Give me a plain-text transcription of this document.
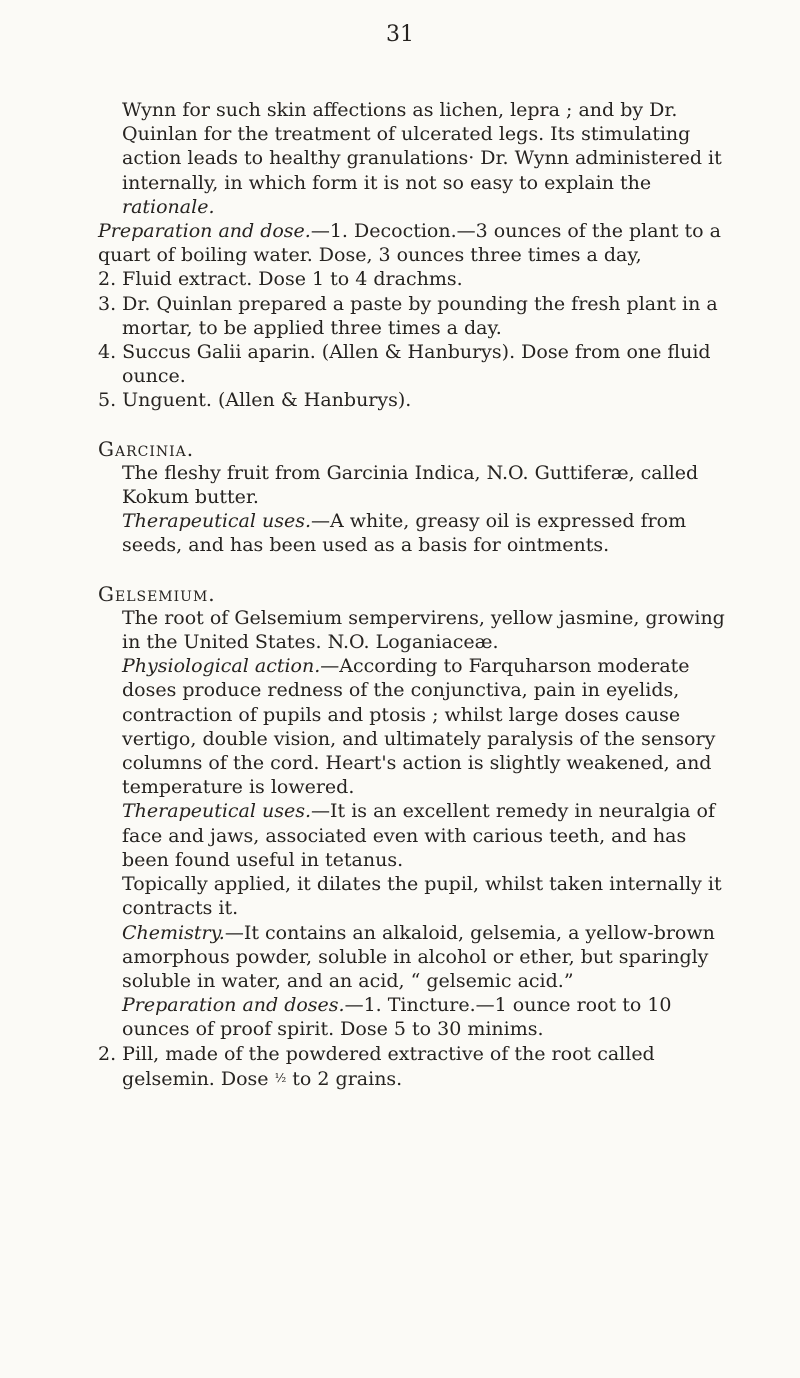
31

Wynn for such skin affections as lichen, lepra ; and by Dr. Quinlan for the treatment of ulcerated legs. Its stimulating action leads to healthy granulations· Dr. Wynn administered it internally, in which form it is not so easy to explain the rationale.

Preparation and dose.—1. Decoction.—3 ounces of the plant to a quart of boiling water. Dose, 3 ounces three times a day,

2. Fluid extract. Dose 1 to 4 drachms.

3. Dr. Quinlan prepared a paste by pounding the fresh plant in a mortar, to be applied three times a day.

4. Succus Galii aparin. (Allen & Hanburys). Dose from one fluid ounce.

5. Unguent. (Allen & Hanburys).

Garcinia.

The fleshy fruit from Garcinia Indica, N.O. Guttiferæ, called Kokum butter.

Therapeutical uses.—A white, greasy oil is expressed from seeds, and has been used as a basis for ointments.

Gelsemium.

The root of Gelsemium sempervirens, yellow jasmine, growing in the United States. N.O. Loganiaceæ.

Physiological action.—According to Farquharson moderate doses produce redness of the conjunctiva, pain in eyelids, contraction of pupils and ptosis ; whilst large doses cause vertigo, double vision, and ultimately paralysis of the sensory columns of the cord. Heart's action is slightly weakened, and temperature is lowered.

Therapeutical uses.—It is an excellent remedy in neuralgia of face and jaws, associated even with carious teeth, and has been found useful in tetanus.

Topically applied, it dilates the pupil, whilst taken internally it contracts it.

Chemistry.—It contains an alkaloid, gelsemia, a yellow-brown amorphous powder, soluble in alcohol or ether, but sparingly soluble in water, and an acid, “ gelsemic acid.”

Preparation and doses.—1. Tincture.—1 ounce root to 10 ounces of proof spirit. Dose 5 to 30 minims.

2. Pill, made of the powdered extractive of the root called gelsemin. Dose ½ to 2 grains.
